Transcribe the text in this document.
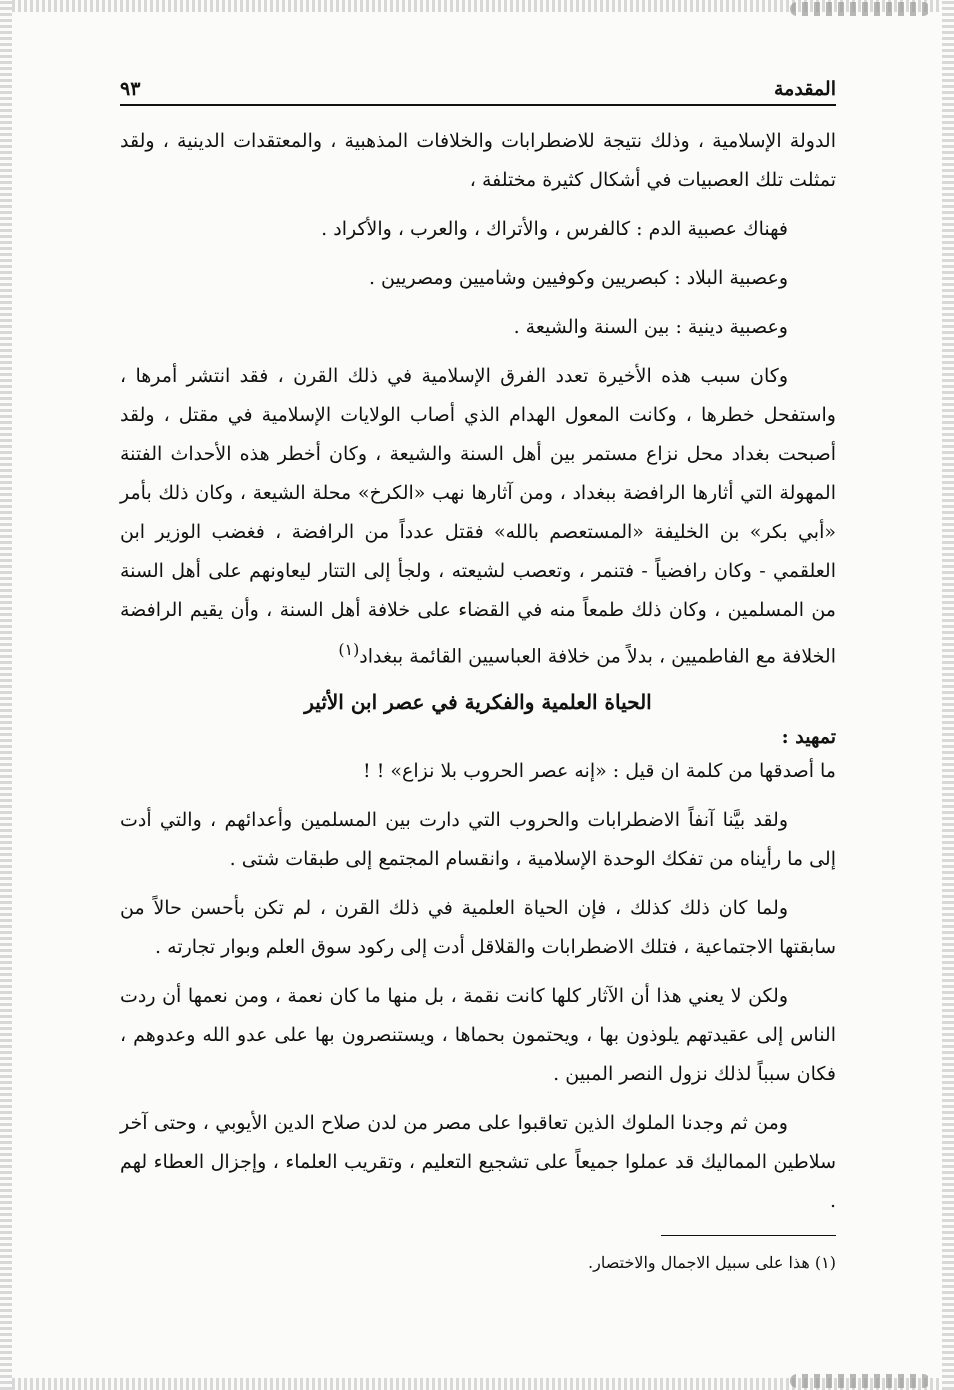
المقدمة
٩٣

الدولة الإسلامية ، وذلك نتيجة للاضطرابات والخلافات المذهبية ، والمعتقدات الدينية ، ولقد تمثلت تلك العصبيات في أشكال كثيرة مختلفة ،

فهناك عصبية الدم : كالفرس ، والأتراك ، والعرب ، والأكراد .

وعصبية البلاد : كبصريين وكوفيين وشاميين ومصريين .

وعصبية دينية : بين السنة والشيعة .

وكان سبب هذه الأخيرة تعدد الفرق الإسلامية في ذلك القرن ، فقد انتشر أمرها ، واستفحل خطرها ، وكانت المعول الهدام الذي أصاب الولايات الإسلامية في مقتل ، ولقد أصبحت بغداد محل نزاع مستمر بين أهل السنة والشيعة ، وكان أخطر هذه الأحداث الفتنة المهولة التي أثارها الرافضة ببغداد ، ومن آثارها نهب «الكرخ» محلة الشيعة ، وكان ذلك بأمر «أبي بكر» بن الخليفة «المستعصم بالله» فقتل عدداً من الرافضة ، فغضب الوزير ابن العلقمي - وكان رافضياً - فتنمر ، وتعصب لشيعته ، ولجأ إلى التتار ليعاونهم على أهل السنة من المسلمين ، وكان ذلك طمعاً منه في القضاء على خلافة أهل السنة ، وأن يقيم الرافضة الخلافة مع الفاطميين ، بدلاً من خلافة العباسيين القائمة ببغداد$^{(١)}$

الحياة العلمية والفكرية في عصر ابن الأثير
تمهيد :

ما أصدقها من كلمة ان قيل : «إنه عصر الحروب بلا نزاع» ! !

ولقد بيَّنا آنفاً الاضطرابات والحروب التي دارت بين المسلمين وأعدائهم ، والتي أدت إلى ما رأيناه من تفكك الوحدة الإسلامية ، وانقسام المجتمع إلى طبقات شتى .

ولما كان ذلك كذلك ، فإن الحياة العلمية في ذلك القرن ، لم تكن بأحسن حالاً من سابقتها الاجتماعية ، فتلك الاضطرابات والقلاقل أدت إلى ركود سوق العلم وبوار تجارته .

ولكن لا يعني هذا أن الآثار كلها كانت نقمة ، بل منها ما كان نعمة ، ومن نعمها أن ردت الناس إلى عقيدتهم يلوذون بها ، ويحتمون بحماها ، ويستنصرون بها على عدو الله وعدوهم ، فكان سبباً لذلك نزول النصر المبين .

ومن ثم وجدنا الملوك الذين تعاقبوا على مصر من لدن صلاح الدين الأيوبي ، وحتى آخر سلاطين المماليك قد عملوا جميعاً على تشجيع التعليم ، وتقريب العلماء ، وإجزال العطاء لهم .

(١) هذا على سبيل الاجمال والاختصار.
